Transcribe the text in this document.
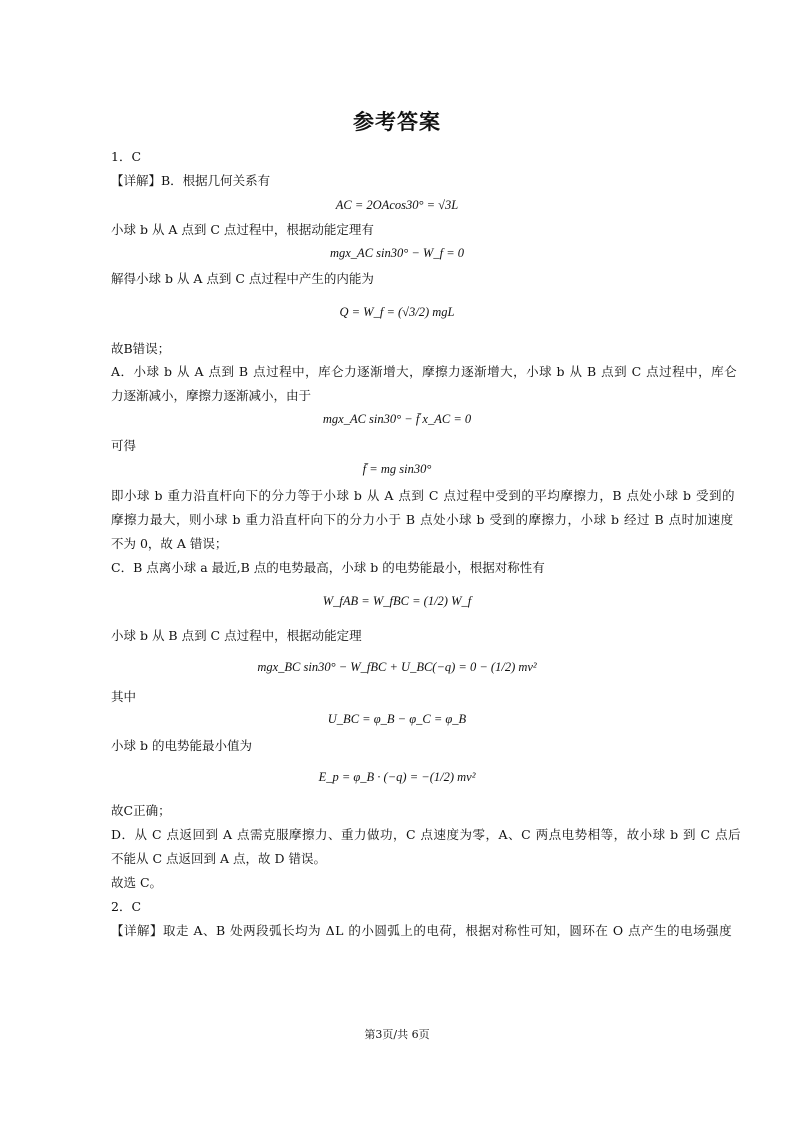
参考答案
1．C
【详解】B．根据几何关系有
AC = 2OAcos30° = √3L
小球 b 从 A 点到 C 点过程中，根据动能定理有
mgx_AC sin30° − W_f = 0
解得小球 b 从 A 点到 C 点过程中产生的内能为
Q = W_f = (√3/2) mgL
故B错误；
A．小球 b 从 A 点到 B 点过程中，库仑力逐渐增大，摩擦力逐渐增大，小球 b 从 B 点到 C 点过程中，库仑
力逐渐减小，摩擦力逐渐减小，由于
mgx_AC sin30° − f̄ x_AC = 0
可得
f̄ = mg sin30°
即小球 b 重力沿直杆向下的分力等于小球 b 从 A 点到 C 点过程中受到的平均摩擦力，B 点处小球 b 受到的
摩擦力最大，则小球 b 重力沿直杆向下的分力小于 B 点处小球 b 受到的摩擦力，小球 b 经过 B 点时加速度
不为 0，故 A 错误；
C．B 点离小球 a 最近,B 点的电势最高，小球 b 的电势能最小，根据对称性有
W_fAB = W_fBC = (1/2) W_f
小球 b 从 B 点到 C 点过程中，根据动能定理
mgx_BC sin30° − W_fBC + U_BC(−q) = 0 − (1/2) mv²
其中
U_BC = φ_B − φ_C = φ_B
小球 b 的电势能最小值为
E_p = φ_B · (−q) = −(1/2) mv²
故C正确；
D．从 C 点返回到 A 点需克服摩擦力、重力做功，C 点速度为零，A、C 两点电势相等，故小球 b 到 C 点后
不能从 C 点返回到 A 点，故 D 错误。
故选 C。
2．C
【详解】取走 A、B 处两段弧长均为 ΔL 的小圆弧上的电荷，根据对称性可知，圆环在 O 点产生的电场强度
第3页/共 6页
